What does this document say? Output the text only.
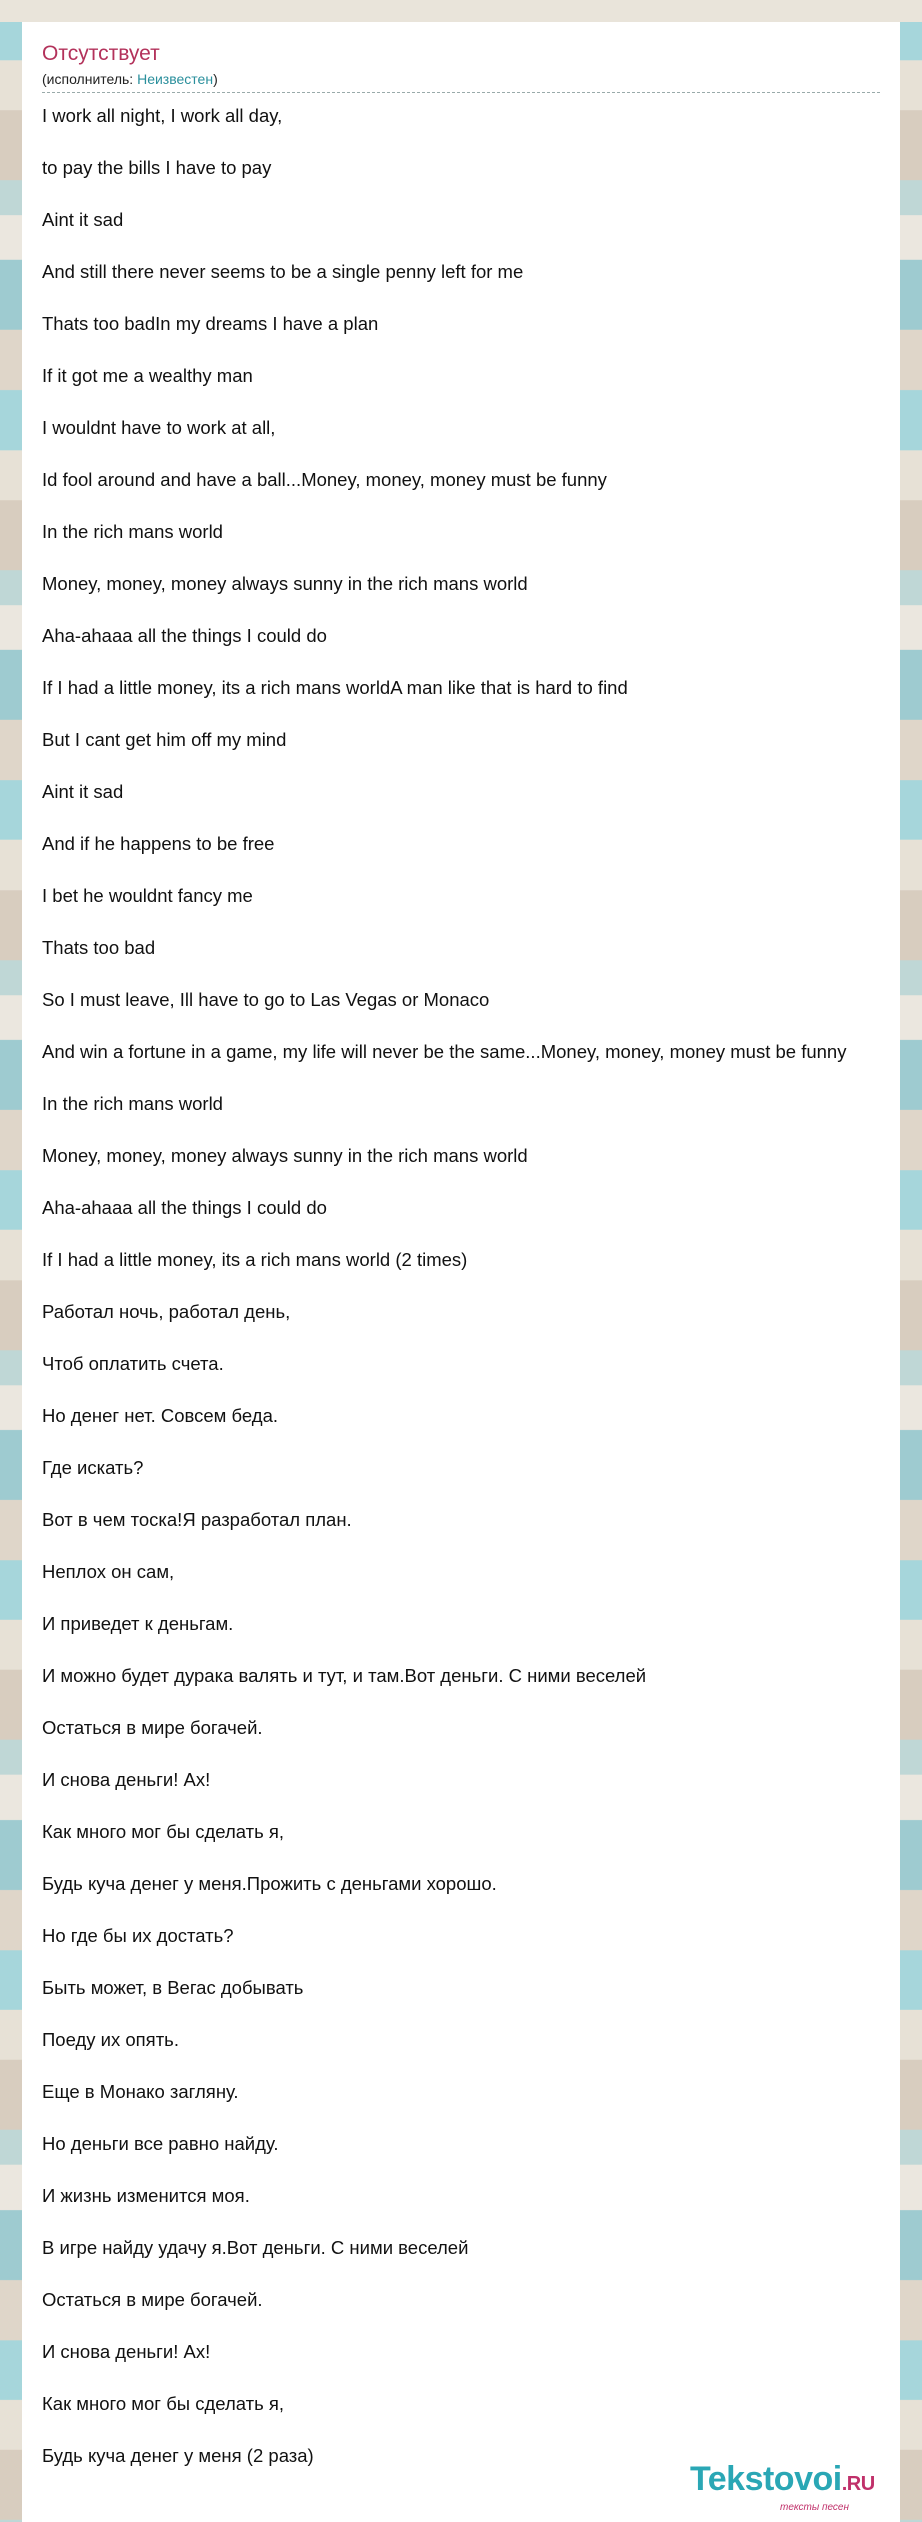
Отсутствует
(исполнитель: Неизвестен)
I work all night, I work all day,
to pay the bills I have to pay
Aint it sad
And still there never seems to be a single penny left for me
Thats too badIn my dreams I have a plan
If it got me a wealthy man
I wouldnt have to work at all,
Id fool around and have a ball...Money, money, money must be funny
In the rich mans world
Money, money, money always sunny in the rich mans world
Aha-ahaaa all the things I could do
If I had a little money, its a rich mans worldA man like that is hard to find
But I cant get him off my mind
Aint it sad
And if he happens to be free
I bet he wouldnt fancy me
Thats too bad
So I must leave, Ill have to go to Las Vegas or Monaco
And win a fortune in a game, my life will never be the same...Money, money, money must be funny
In the rich mans world
Money, money, money always sunny in the rich mans world
Aha-ahaaa all the things I could do
If I had a little money, its a rich mans world (2 times)
Работал ночь, работал день,
Чтоб оплатить счета.
Но денег нет. Совсем беда.
Где искать?
Вот в чем тоска!Я разработал план.
Неплох он сам,
И приведет к деньгам.
И можно будет дурака валять и тут, и там.Вот деньги. С ними веселей
Остаться в мире богачей.
И снова деньги! Ах!
Как много мог бы сделать я,
Будь куча денег у меня.Прожить с деньгами хорошо.
Но где бы их достать?
Быть может, в Вегас добывать
Поеду их опять.
Еще в Монако загляну.
Но деньги все равно найду.
И жизнь изменится моя.
В игре найду удачу я.Вот деньги. С ними веселей
Остаться в мире богачей.
И снова деньги! Ах!
Как много мог бы сделать я,
Будь куча денег у меня (2 раза)
Tekstovoi.RU
тексты песен
